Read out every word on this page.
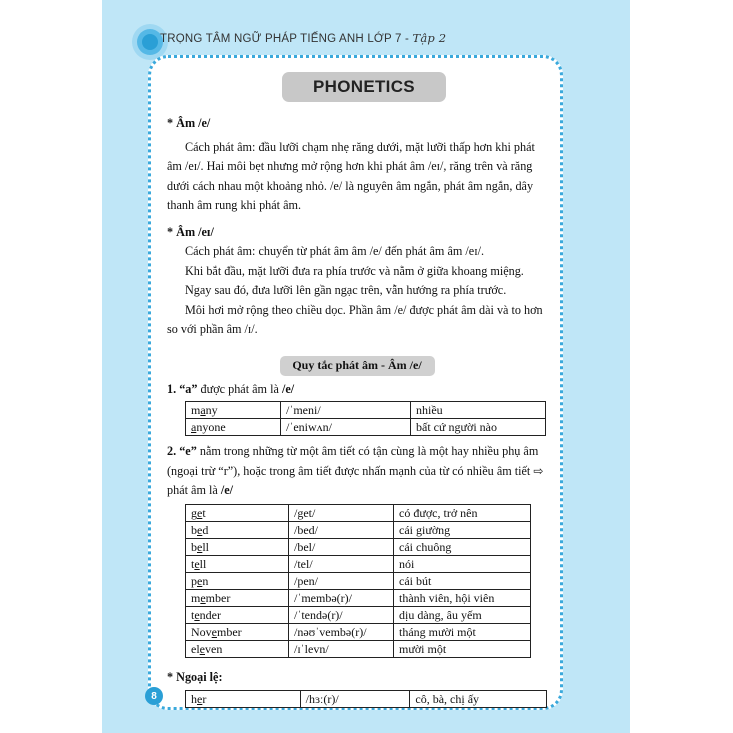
TRỌNG TÂM NGỮ PHÁP TIẾNG ANH LỚP 7 - Tập 2
PHONETICS

* Âm /e/

Cách phát âm: đầu lưỡi chạm nhẹ răng dưới, mặt lưỡi thấp hơn khi phát âm /eɪ/. Hai môi bẹt nhưng mở rộng hơn khi phát âm /eɪ/, răng trên và răng dưới cách nhau một khoảng nhỏ. /e/ là nguyên âm ngắn, phát âm ngắn, dây thanh âm rung khi phát âm.

* Âm /eɪ/

Cách phát âm: chuyển từ phát âm âm /e/ đến phát âm âm /eɪ/.

Khi bắt đầu, mặt lưỡi đưa ra phía trước và nằm ở giữa khoang miệng.

Ngay sau đó, đưa lưỡi lên gần ngạc trên, vẫn hướng ra phía trước.

Môi hơi mở rộng theo chiều dọc. Phần âm /e/ được phát âm dài và to hơn so với phần âm /ɪ/.

Quy tắc phát âm - Âm /e/

1. “a” được phát âm là /e/

many	/ˈmeni/	nhiều
anyone	/ˈeniwʌn/	bất cứ người nào

2. “e” nằm trong những từ một âm tiết có tận cùng là một hay nhiều phụ âm (ngoại trừ “r”), hoặc trong âm tiết được nhấn mạnh của từ có nhiều âm tiết ⇨ phát âm là /e/

get	/get/	có được, trở nên
bed	/bed/	cái giường
bell	/bel/	cái chuông
tell	/tel/	nói
pen	/pen/	cái bút
member	/ˈmembə(r)/	thành viên, hội viên
tender	/ˈtendə(r)/	dịu dàng, âu yếm
November	/nəʊˈvembə(r)/	tháng mười một
eleven	/ɪˈlevn/	mười một

* Ngoại lệ:

her	/hɜː(r)/	cô, bà, chị ấy
8
